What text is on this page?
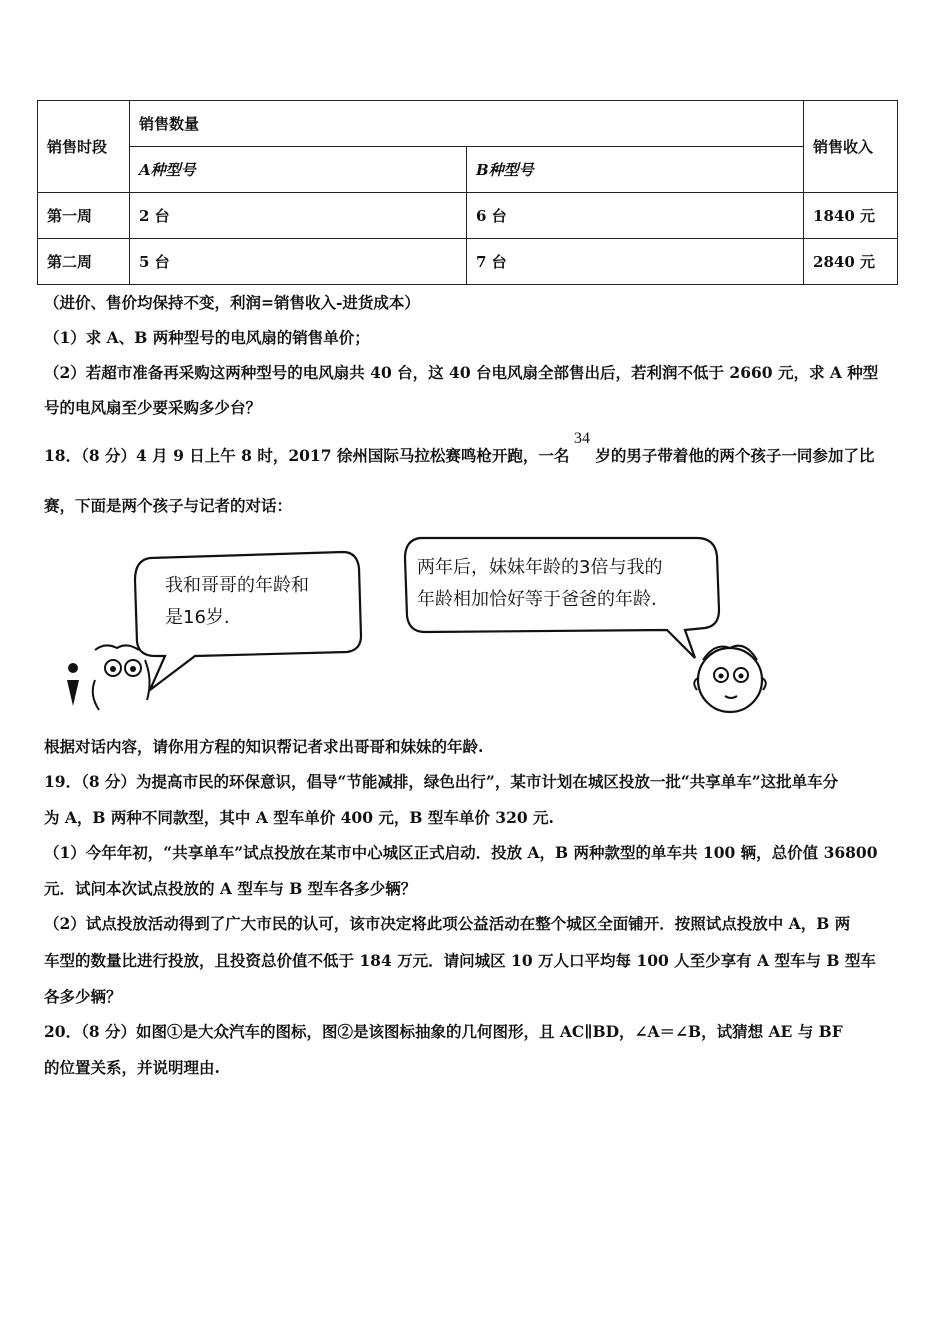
销售时段	销售数量		销售收入
	A种型号	B种型号	
第一周	2 台	6 台	1840 元
第二周	5 台	7 台	2840 元
（进价、售价均保持不变，利润=销售收入-进货成本）
（1）求 A、B 两种型号的电风扇的销售单价；
（2）若超市准备再采购这两种型号的电风扇共 40 台，这 40 台电风扇全部售出后，若利润不低于 2660 元，求 A 种型
号的电风扇至少要采购多少台？
18．（8 分）4 月 9 日上午 8 时，2017 徐州国际马拉松赛鸣枪开跑，一名 岁的男子带着他的两个孩子一同参加了比
34
赛，下面是两个孩子与记者的对话：
我和哥哥的年龄和
是16岁.
两年后，妹妹年龄的3倍与我的
年龄相加恰好等于爸爸的年龄.
根据对话内容，请你用方程的知识帮记者求出哥哥和妹妹的年龄.
19．（8 分）为提高市民的环保意识，倡导“节能减排，绿色出行”，某市计划在城区投放一批“共享单车”这批单车分
为 A，B 两种不同款型，其中 A 型车单价 400 元，B 型车单价 320 元.
（1）今年年初，“共享单车”试点投放在某市中心城区正式启动．投放 A，B 两种款型的单车共 100 辆，总价值 36800
元．试问本次试点投放的 A 型车与 B 型车各多少辆？
（2）试点投放活动得到了广大市民的认可，该市决定将此项公益活动在整个城区全面铺开．按照试点投放中 A，B 两
车型的数量比进行投放，且投资总价值不低于 184 万元．请问城区 10 万人口平均每 100 人至少享有 A 型车与 B 型车
各多少辆？
20．（8 分）如图①是大众汽车的图标，图②是该图标抽象的几何图形，且 AC∥BD，∠A＝∠B，试猜想 AE 与 BF
的位置关系，并说明理由.
